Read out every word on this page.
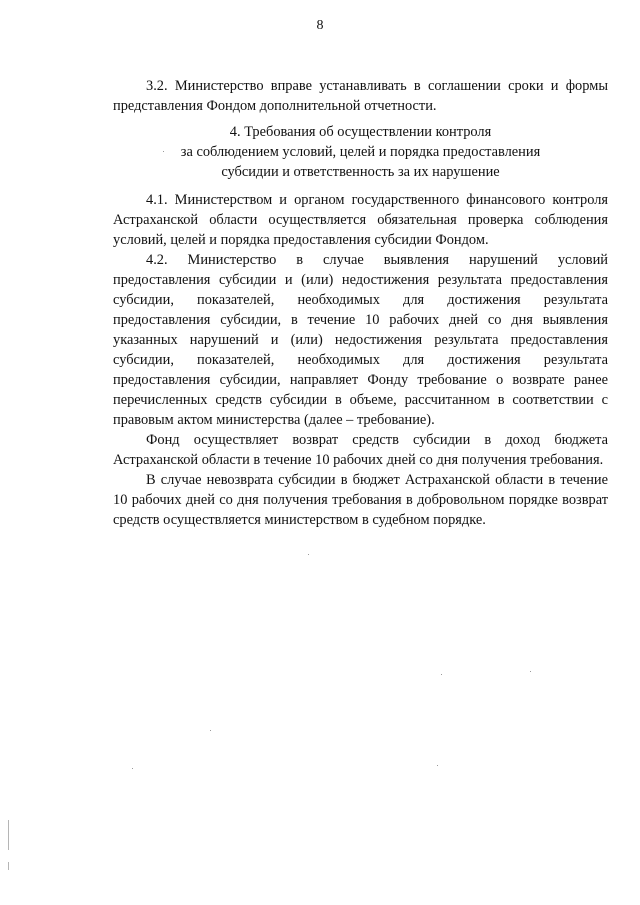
8

3.2. Министерство вправе устанавливать в соглашении сроки и формы представления Фондом дополнительной отчетности.

4. Требования об осуществлении контроля
за соблюдением условий, целей и порядка предоставления
субсидии и ответственность за их нарушение

4.1. Министерством и органом государственного финансового контроля Астраханской области осуществляется обязательная проверка соблюдения условий, целей и порядка предоставления субсидии Фондом.

4.2. Министерство в случае выявления нарушений условий предоставления субсидии и (или) недостижения результата предоставления субсидии, показателей, необходимых для достижения результата предоставления субсидии, в течение 10 рабочих дней со дня выявления указанных нарушений и (или) недостижения результата предоставления субсидии, показателей, необходимых для достижения результата предоставления субсидии, направляет Фонду требование о возврате ранее перечисленных средств субсидии в объеме, рассчитанном в соответствии с правовым актом министерства (далее – требование).

Фонд осуществляет возврат средств субсидии в доход бюджета Астраханской области в течение 10 рабочих дней со дня получения требования.

В случае невозврата субсидии в бюджет Астраханской области в течение 10 рабочих дней со дня получения требования в добровольном порядке возврат средств осуществляется министерством в судебном порядке.
